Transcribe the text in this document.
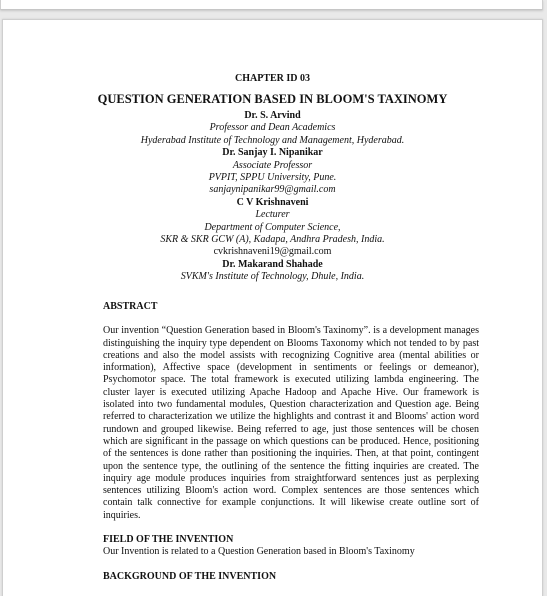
CHAPTER ID 03
QUESTION GENERATION BASED IN BLOOM'S TAXINOMY
Dr. S. Arvind
Professor and Dean Academics
Hyderabad Institute of Technology and Management, Hyderabad.
Dr. Sanjay I. Nipanikar
Associate Professor
PVPIT, SPPU University, Pune.
sanjaynipanikar99@gmail.com
C V Krishnaveni
Lecturer
Department of Computer Science,
SKR & SKR GCW (A), Kadapa, Andhra Pradesh, India.
cvkrishnaveni19@gmail.com
Dr. Makarand Shahade
SVKM's Institute of Technology, Dhule, India.
ABSTRACT
Our invention “Question Generation based in Bloom's Taxinomy”. is a development manages distinguishing the inquiry type dependent on Blooms Taxonomy which not tended to by past creations and also the model assists with recognizing Cognitive area (mental abilities or information), Affective space (development in sentiments or feelings or demeanor), Psychomotor space. The total framework is executed utilizing lambda engineering. The cluster layer is executed utilizing Apache Hadoop and Apache Hive. Our framework is isolated into two fundamental modules, Question characterization and Question age. Being referred to characterization we utilize the highlights and contrast it and Blooms' action word rundown and grouped likewise. Being referred to age, just those sentences will be chosen which are significant in the passage on which questions can be produced. Hence, positioning of the sentences is done rather than positioning the inquiries. Then, at that point, contingent upon the sentence type, the outlining of the sentence the fitting inquiries are created. The inquiry age module produces inquiries from straightforward sentences just as perplexing sentences utilizing Bloom's action word. Complex sentences are those sentences which contain talk connective for example conjunctions. It will likewise create outline sort of inquiries.
FIELD OF THE INVENTION
Our Invention is related to a Question Generation based in Bloom's Taxinomy
BACKGROUND OF THE INVENTION
